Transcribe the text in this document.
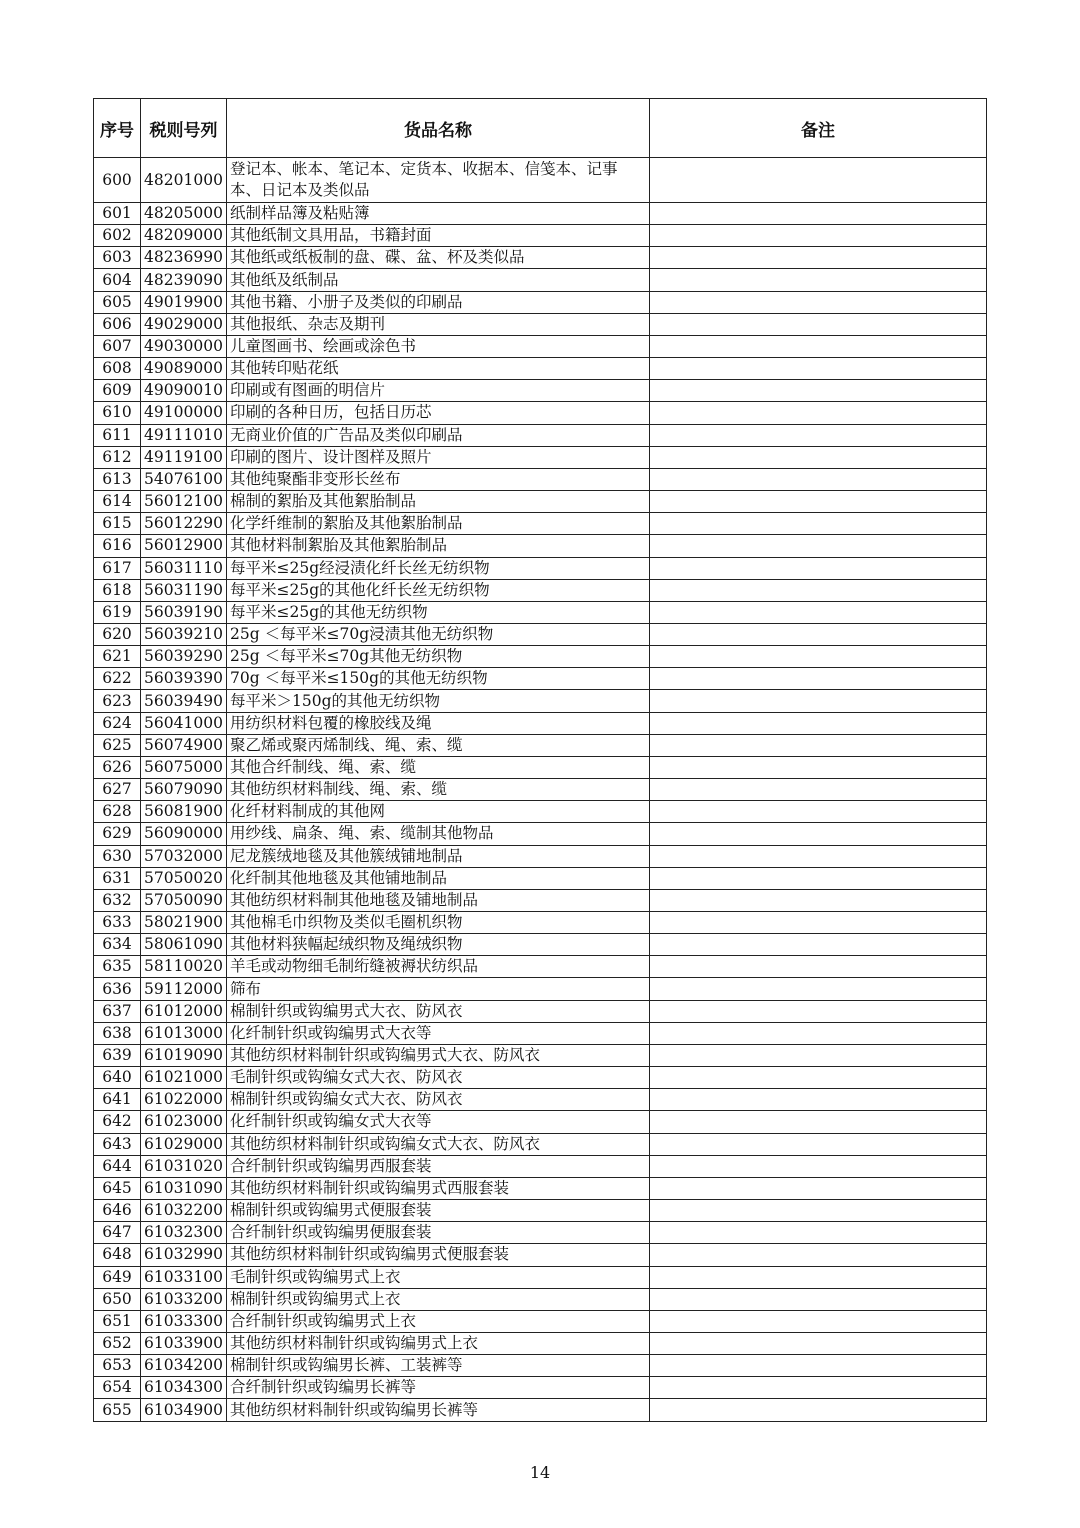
序号	税则号列	货品名称	备注
600	48201000	登记本、帐本、笔记本、定货本、收据本、信笺本、记事本、日记本及类似品	
601	48205000	纸制样品簿及粘贴簿	
602	48209000	其他纸制文具用品，书籍封面	
603	48236990	其他纸或纸板制的盘、碟、盆、杯及类似品	
604	48239090	其他纸及纸制品	
605	49019900	其他书籍、小册子及类似的印刷品	
606	49029000	其他报纸、杂志及期刊	
607	49030000	儿童图画书、绘画或涂色书	
608	49089000	其他转印贴花纸	
609	49090010	印刷或有图画的明信片	
610	49100000	印刷的各种日历，包括日历芯	
611	49111010	无商业价值的广告品及类似印刷品	
612	49119100	印刷的图片、设计图样及照片	
613	54076100	其他纯聚酯非变形长丝布	
614	56012100	棉制的絮胎及其他絮胎制品	
615	56012290	化学纤维制的絮胎及其他絮胎制品	
616	56012900	其他材料制絮胎及其他絮胎制品	
617	56031110	每平米≤25g经浸渍化纤长丝无纺织物	
618	56031190	每平米≤25g的其他化纤长丝无纺织物	
619	56039190	每平米≤25g的其他无纺织物	
620	56039210	25g ＜每平米≤70g浸渍其他无纺织物	
621	56039290	25g ＜每平米≤70g其他无纺织物	
622	56039390	70g ＜每平米≤150g的其他无纺织物	
623	56039490	每平米＞150g的其他无纺织物	
624	56041000	用纺织材料包覆的橡胶线及绳	
625	56074900	聚乙烯或聚丙烯制线、绳、索、缆	
626	56075000	其他合纤制线、绳、索、缆	
627	56079090	其他纺织材料制线、绳、索、缆	
628	56081900	化纤材料制成的其他网	
629	56090000	用纱线、扁条、绳、索、缆制其他物品	
630	57032000	尼龙簇绒地毯及其他簇绒铺地制品	
631	57050020	化纤制其他地毯及其他铺地制品	
632	57050090	其他纺织材料制其他地毯及铺地制品	
633	58021900	其他棉毛巾织物及类似毛圈机织物	
634	58061090	其他材料狭幅起绒织物及绳绒织物	
635	58110020	羊毛或动物细毛制绗缝被褥状纺织品	
636	59112000	筛布	
637	61012000	棉制针织或钩编男式大衣、防风衣	
638	61013000	化纤制针织或钩编男式大衣等	
639	61019090	其他纺织材料制针织或钩编男式大衣、防风衣	
640	61021000	毛制针织或钩编女式大衣、防风衣	
641	61022000	棉制针织或钩编女式大衣、防风衣	
642	61023000	化纤制针织或钩编女式大衣等	
643	61029000	其他纺织材料制针织或钩编女式大衣、防风衣	
644	61031020	合纤制针织或钩编男西服套装	
645	61031090	其他纺织材料制针织或钩编男式西服套装	
646	61032200	棉制针织或钩编男式便服套装	
647	61032300	合纤制针织或钩编男便服套装	
648	61032990	其他纺织材料制针织或钩编男式便服套装	
649	61033100	毛制针织或钩编男式上衣	
650	61033200	棉制针织或钩编男式上衣	
651	61033300	合纤制针织或钩编男式上衣	
652	61033900	其他纺织材料制针织或钩编男式上衣	
653	61034200	棉制针织或钩编男长裤、工装裤等	
654	61034300	合纤制针织或钩编男长裤等	
655	61034900	其他纺织材料制针织或钩编男长裤等	
14
